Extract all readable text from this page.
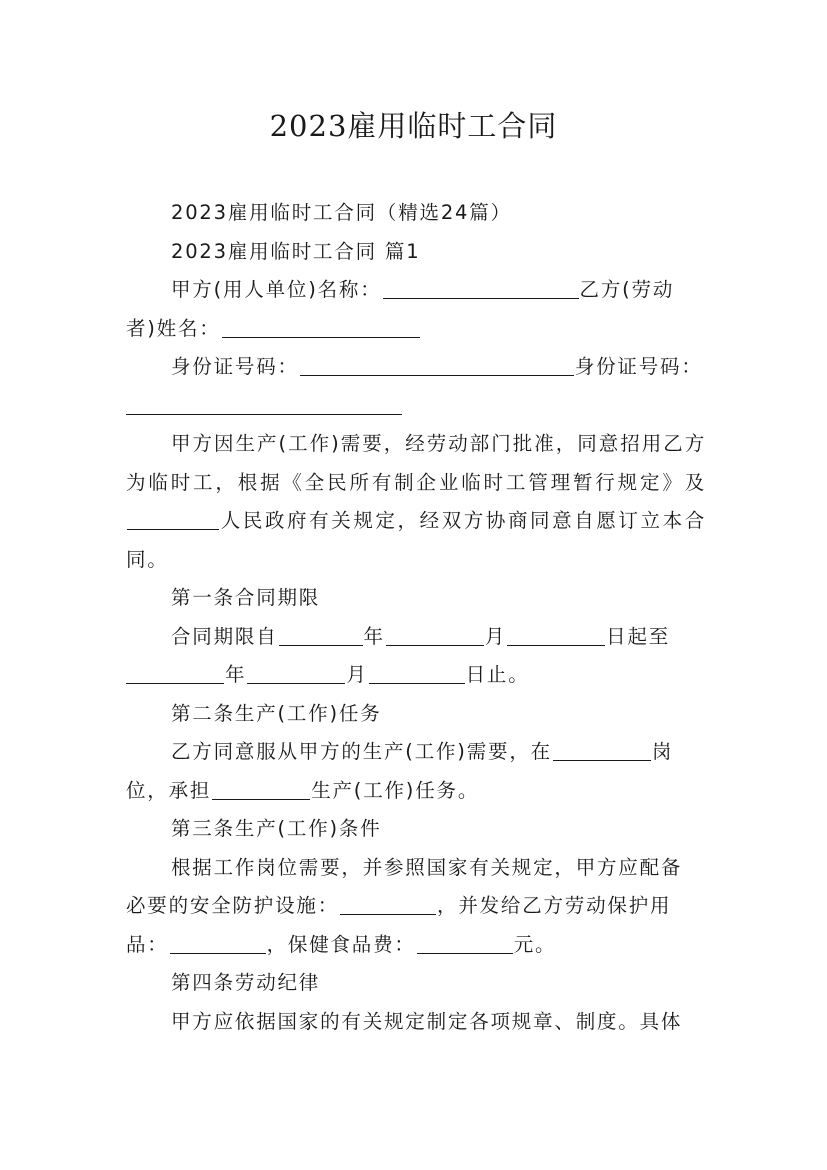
2023雇用临时工合同
2023雇用临时工合同（精选24篇）
2023雇用临时工合同 篇1
甲方(用人单位)名称：	乙方(劳动
者)姓名：
身份证号码：	身份证号码：

甲方因生产(工作)需要，经劳动部门批准，同意招用乙方为临时工，根据《全民所有制企业临时工管理暂行规定》及人民政府有关规定，经双方协商同意自愿订立本合同。

第一条合同期限
合同期限自	年	月	日起至
年	月	日止。
第二条生产(工作)任务
乙方同意服从甲方的生产(工作)需要，在	岗
位，承担	生产(工作)任务。
第三条生产(工作)条件
根据工作岗位需要，并参照国家有关规定，甲方应配备
必要的安全防护设施：	，并发给乙方劳动保护用
品：	，保健食品费：	元。
第四条劳动纪律
甲方应依据国家的有关规定制定各项规章、制度。具体
